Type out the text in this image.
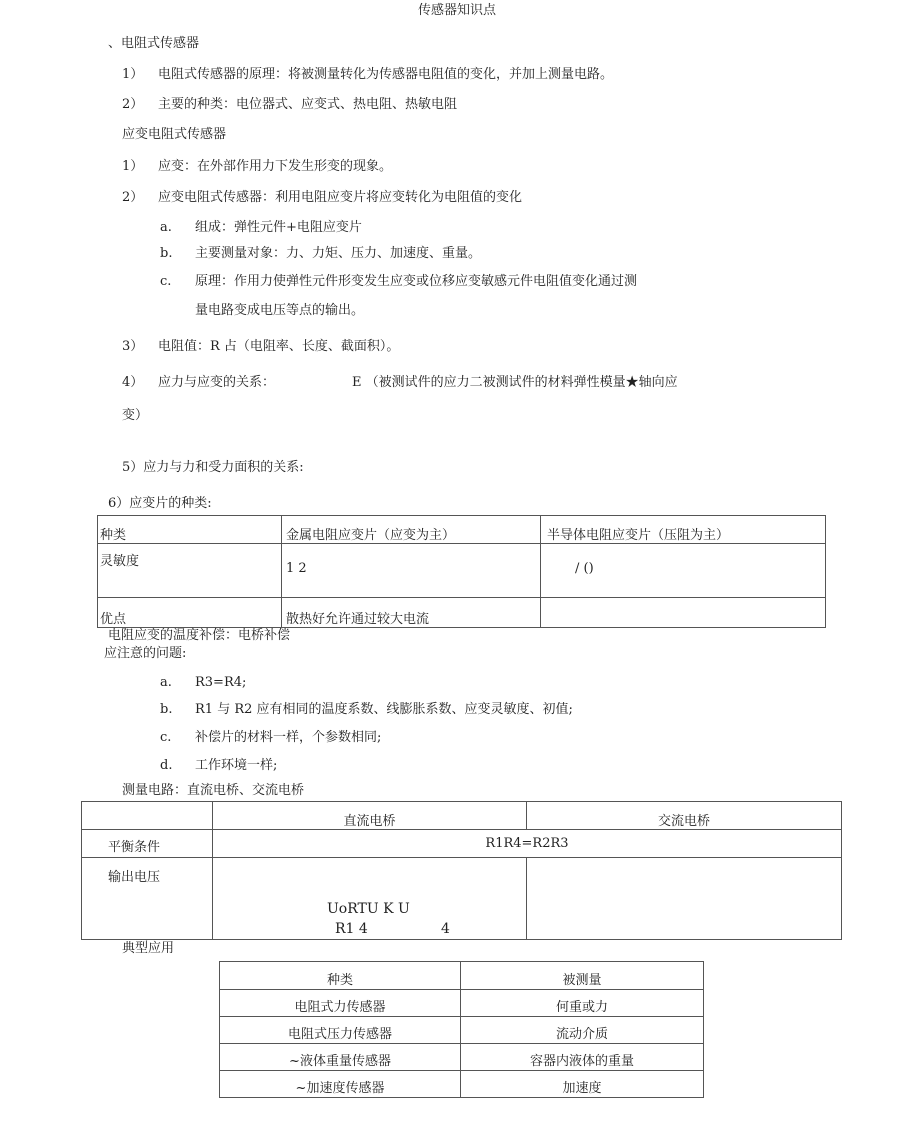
传感器知识点
、电阻式传感器
1） 电阻式传感器的原理：将被测量转化为传感器电阻值的变化，并加上测量电路。
2） 主要的种类：电位器式、应变式、热电阻、热敏电阻
应变电阻式传感器
1） 应变：在外部作用力下发生形变的现象。
2） 应变电阻式传感器：利用电阻应变片将应变转化为电阻值的变化
a. 组成：弹性元件+电阻应变片
b. 主要测量对象：力、力矩、压力、加速度、重量。
c. 原理：作用力使弹性元件形变发生应变或位移应变敏感元件电阻值变化通过测
量电路变成电压等点的输出。
3） 电阻值：R 占（电阻率、长度、截面积）。
4） 应力与应变的关系：	E （被测试件的应力二被测试件的材料弹性模量★轴向应
变）
5）应力与力和受力面积的关系:
6）应变片的种类:
种类	金属电阻应变片（应变为主）	半导体电阻应变片（压阻为主）
灵敏度	1 2	/ ()
优点	散热好允许通过较大电流	
电阻应变的温度补偿：电桥补偿
应注意的问题:
a. R3=R4;
b. R1 与 R2 应有相同的温度系数、线膨胀系数、应变灵敏度、初值;
c. 补偿片的材料一样，个参数相同;
d. 工作环境一样;
测量电路：直流电桥、交流电桥
	直流电桥	交流电桥
平衡条件	R1R4=R2R3	
输出电压	UoRTU K U
R1 4 4	

典型应用
种类	被测量
电阻式力传感器	何重或力
电阻式压力传感器	流动介质
~液体重量传感器	容器内液体的重量
~加速度传感器	加速度
